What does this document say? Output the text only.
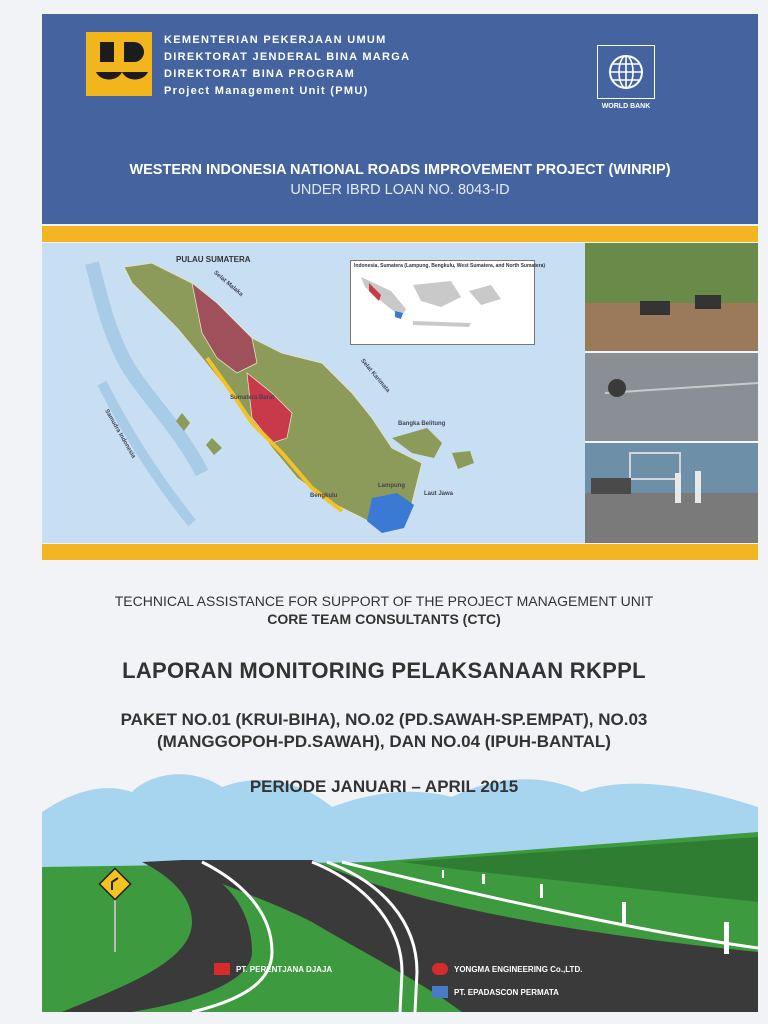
WESTERN INDONESIA NATIONAL ROADS IMPROVEMENT PROJECT (WINRIP)
UNDER IBRD LOAN NO. 8043-ID
KEMENTERIAN PEKERJAAN UMUM
DIREKTORAT JENDERAL BINA MARGA
DIREKTORAT BINA PROGRAM
Project Management Unit (PMU)
WORLD BANK
PULAU SUMATERA
Indonesia, Sumatera (Lampung, Bengkulu, West Sumatera, and North Sumatera)
Selat Malaka
Selat Karimata
Samudra Indonesia
Laut Jawa
Bengkulu
Lampung
Sumatera Barat
Bangka Belitung
TECHNICAL ASSISTANCE FOR SUPPORT OF THE PROJECT MANAGEMENT UNIT
CORE TEAM CONSULTANTS (CTC)
LAPORAN MONITORING PELAKSANAAN RKPPL
PAKET NO.01 (KRUI-BIHA), NO.02 (PD.SAWAH-SP.EMPAT), NO.03
(MANGGOPOH-PD.SAWAH), DAN NO.04 (IPUH-BANTAL)
PERIODE JANUARI – APRIL 2015
PT. PERENTJANA DJAJA	YONGMA ENGINEERING Co.,LTD.
PT. EPADASCON PERMATA
